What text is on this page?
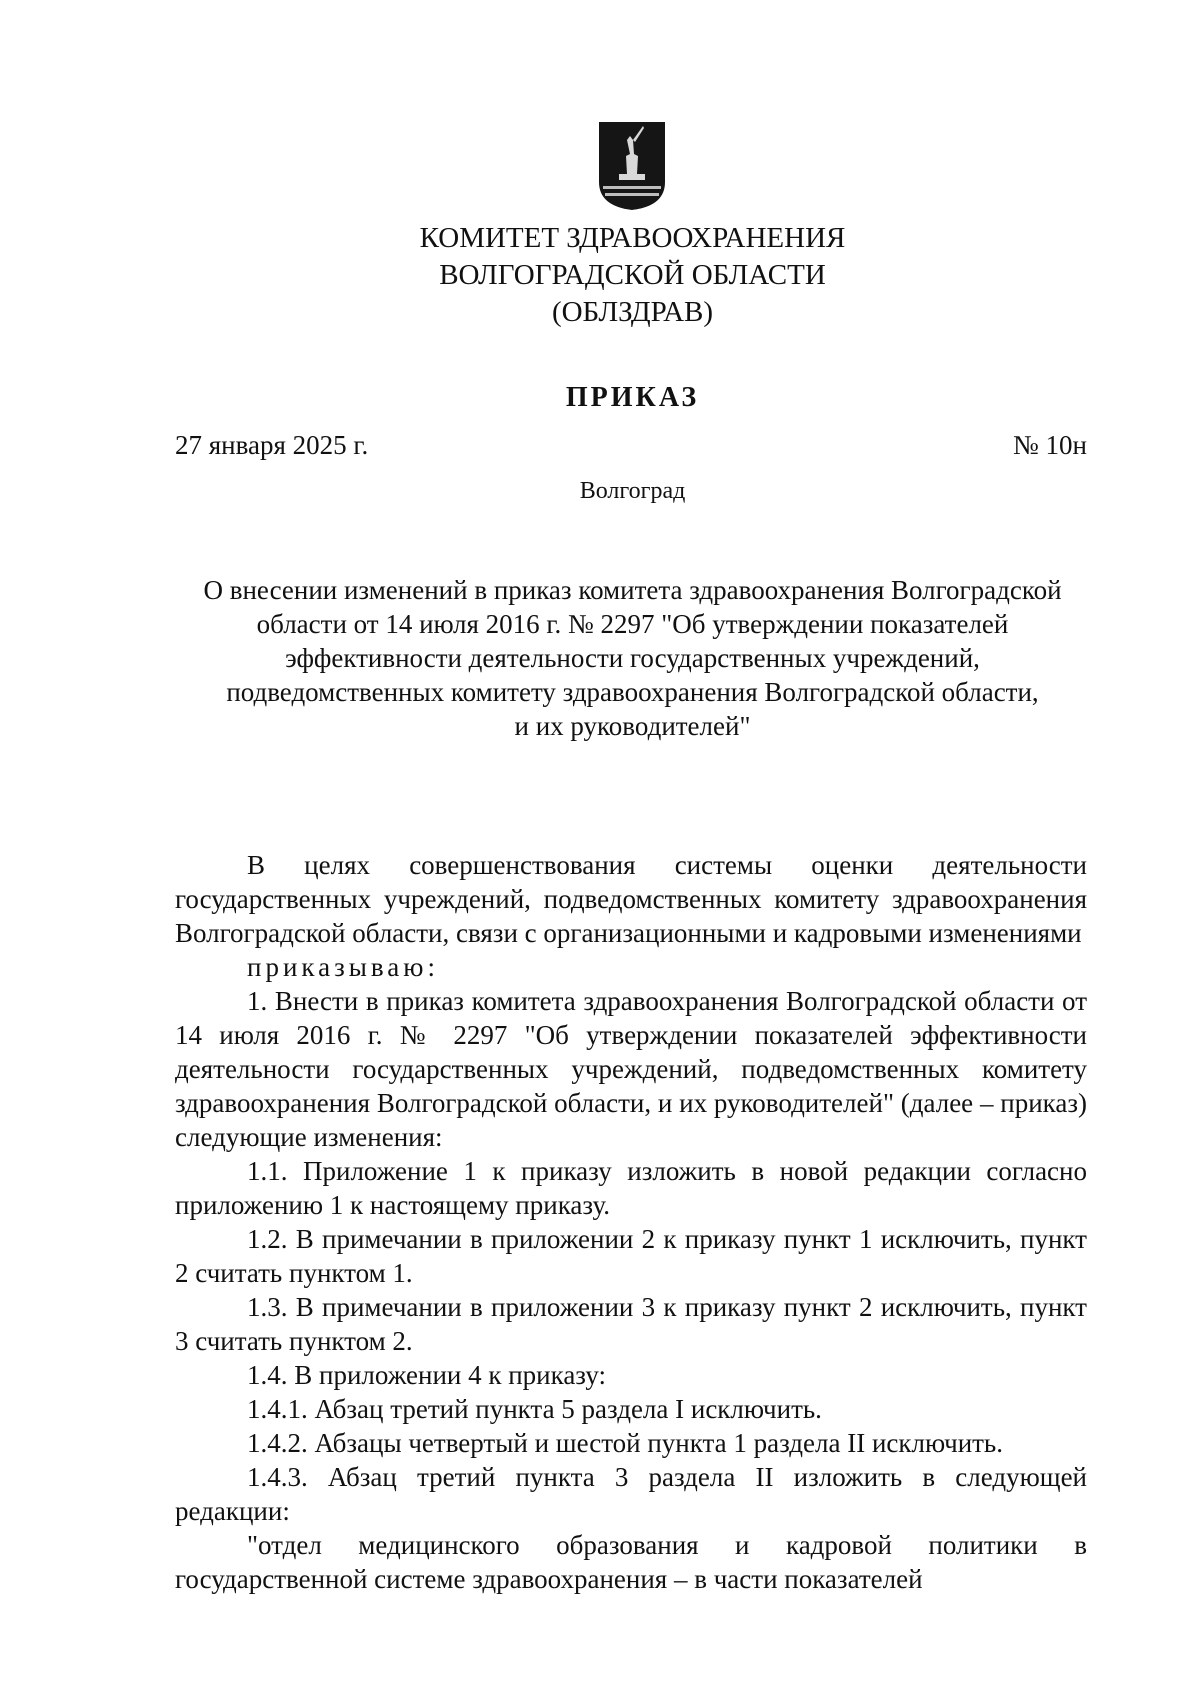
КОМИТЕТ ЗДРАВООХРАНЕНИЯ
ВОЛГОГРАДСКОЙ ОБЛАСТИ
(ОБЛЗДРАВ)
ПРИКАЗ
27 января 2025 г.	№ 10н
Волгоград
О внесении изменений в приказ комитета здравоохранения Волгоградской
области от 14 июля 2016 г. № 2297 "Об утверждении показателей
эффективности деятельности государственных учреждений,
подведомственных комитету здравоохранения Волгоградской области,
и их руководителей"

В целях совершенствования системы оценки деятельности государственных учреждений, подведомственных комитету здравоохранения Волгоградской области, связи с организационными и кадровыми изменениями

приказываю:

1. Внести в приказ комитета здравоохранения Волгоградской области от 14 июля 2016 г. № 2297 "Об утверждении показателей эффективности деятельности государственных учреждений, подведомственных комитету здравоохранения Волгоградской области, и их руководителей" (далее – приказ) следующие изменения:

1.1. Приложение 1 к приказу изложить в новой редакции согласно приложению 1 к настоящему приказу.

1.2. В примечании в приложении 2 к приказу пункт 1 исключить, пункт 2 считать пунктом 1.

1.3. В примечании в приложении 3 к приказу пункт 2 исключить, пункт 3 считать пунктом 2.

1.4. В приложении 4 к приказу:

1.4.1. Абзац третий пункта 5 раздела I исключить.

1.4.2. Абзацы четвертый и шестой пункта 1 раздела II исключить.

1.4.3. Абзац третий пункта 3 раздела II изложить в следующей редакции:

"отдел медицинского образования и кадровой политики в государственной системе здравоохранения – в части показателей
